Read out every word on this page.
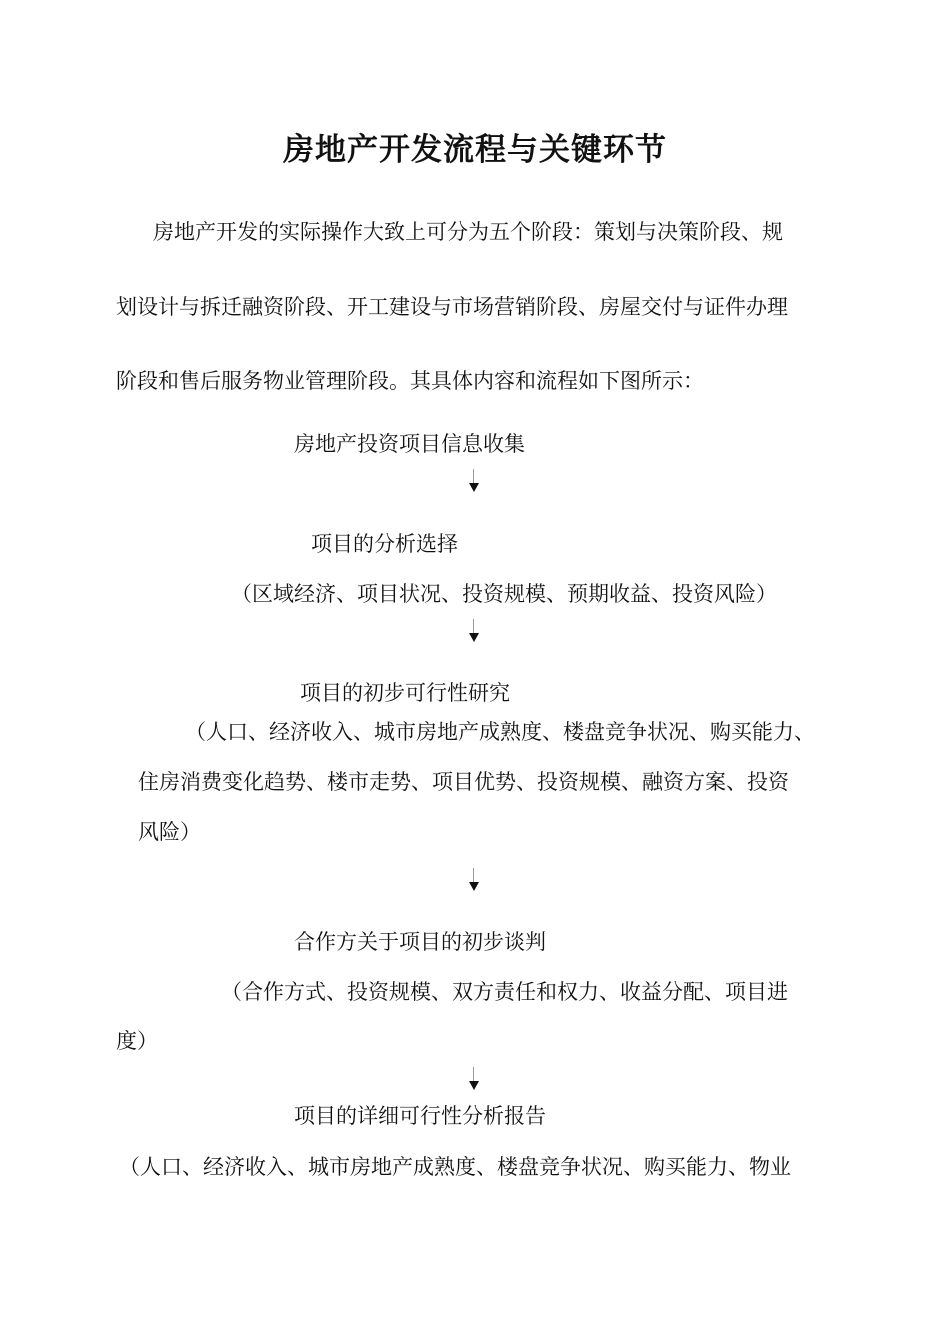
房地产开发流程与关键环节
房地产开发的实际操作大致上可分为五个阶段：策划与决策阶段、规
划设计与拆迁融资阶段、开工建设与市场营销阶段、房屋交付与证件办理
阶段和售后服务物业管理阶段。其具体内容和流程如下图所示：
房地产投资项目信息收集
项目的分析选择
（区域经济、项目状况、投资规模、预期收益、投资风险）
项目的初步可行性研究
（人口、经济收入、城市房地产成熟度、楼盘竞争状况、购买能力、
住房消费变化趋势、楼市走势、项目优势、投资规模、融资方案、投资
风险）
合作方关于项目的初步谈判
（合作方式、投资规模、双方责任和权力、收益分配、项目进
度）
项目的详细可行性分析报告
（人口、经济收入、城市房地产成熟度、楼盘竞争状况、购买能力、物业
